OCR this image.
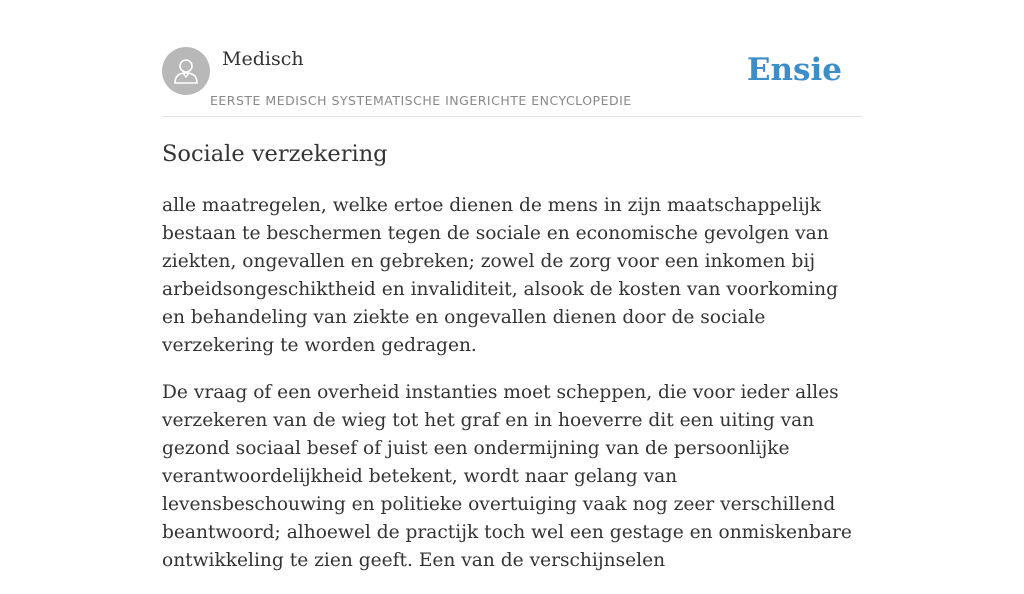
Medisch
EERSTE MEDISCH SYSTEMATISCHE INGERICHTE ENCYCLOPEDIE
Ensie
Sociale verzekering

alle maatregelen, welke ertoe dienen de mens in zijn maatschappelijk bestaan te beschermen tegen de sociale en economische gevolgen van ziekten, ongevallen en gebreken; zowel de zorg voor een inkomen bij arbeidsongeschiktheid en invaliditeit, alsook de kosten van voorkoming en behandeling van ziekte en ongevallen dienen door de sociale verzekering te worden gedragen.

De vraag of een overheid instanties moet scheppen, die voor ieder alles verzekeren van de wieg tot het graf en in hoeverre dit een uiting van gezond sociaal besef of juist een ondermijning van de persoonlijke verantwoordelijkheid betekent, wordt naar gelang van levensbeschouwing en politieke overtuiging vaak nog zeer verschillend beantwoord; alhoewel de practijk toch wel een gestage en onmiskenbare ontwikkeling te zien geeft. Een van de verschijnselen
